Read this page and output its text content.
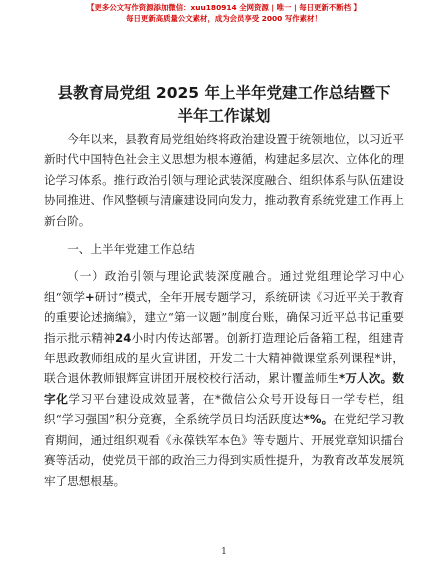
【更多公文写作资源添加微信：xuu180914 全网资源 | 唯一 | 每日更新不断档 】
每日更新高质量公文素材，成为会员享受 2000 写作素材！
县教育局党组 2025 年上半年党建工作总结暨下
半年工作谋划

今年以来，县教育局党组始终将政治建设置于统领地位，以习近平新时代中国特色社会主义思想为根本遵循，构建起多层次、立体化的理论学习体系。推行政治引领与理论武装深度融合、组织体系与队伍建设协同推进、作风整顿与清廉建设同向发力，推动教育系统党建工作再上新台阶。

一、上半年党建工作总结

（一）政治引领与理论武装深度融合。通过党组理论学习中心组“领学+研讨”模式，全年开展专题学习，系统研读《习近平关于教育的重要论述摘编》，建立“第一议题”制度台账，确保习近平总书记重要指示批示精神24小时内传达部署。创新打造理论后备箱工程，组建青年思政教师组成的星火宣讲团，开发二十大精神微课堂系列课程*讲，联合退休教师银辉宣讲团开展校校行活动，累计覆盖师生*万人次。数字化学习平台建设成效显著，在*微信公众号开设每日一学专栏，组织“学习强国”积分竞赛，全系统学员日均活跃度达*%。在党纪学习教育期间，通过组织观看《永葆铁军本色》等专题片、开展党章知识擂台赛等活动，使党员干部的政治三力得到实质性提升，为教育改革发展筑牢了思想根基。

1
